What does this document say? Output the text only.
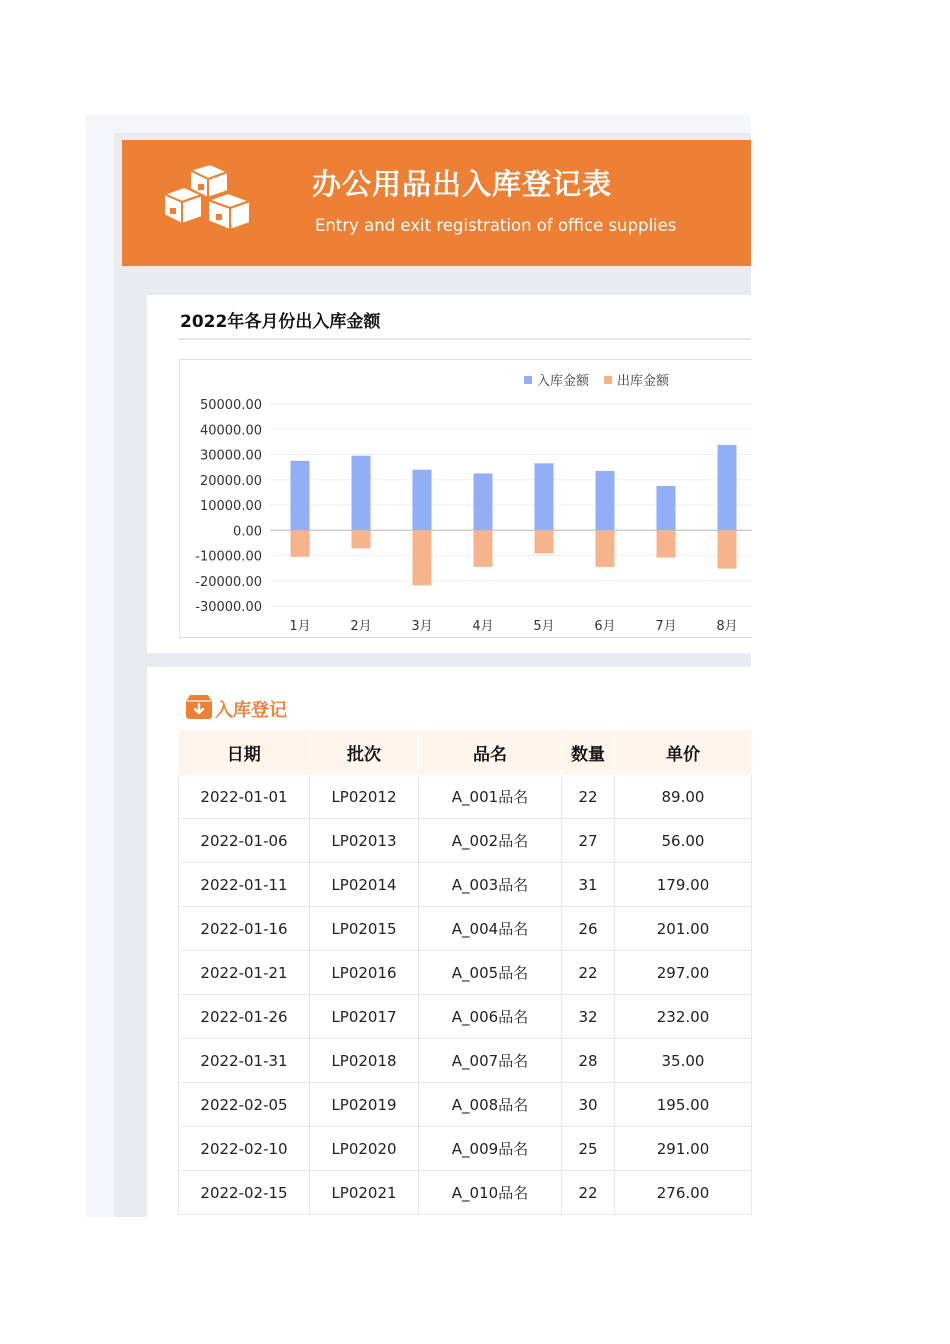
办公用品出入库登记表
Entry and exit registration of office supplies
2022年各月份出入库金额
50000.00
40000.00
30000.00
20000.00
10000.00
0.00
-10000.00
-20000.00
-30000.00
1月	2月	3月	4月	5月	6月	7月	8月
入库金额 出库金额
入库登记
日期	批次	品名	数量	单价
2022-01-01	LP02012	A_001品名	22	89.00
2022-01-06	LP02013	A_002品名	27	56.00
2022-01-11	LP02014	A_003品名	31	179.00
2022-01-16	LP02015	A_004品名	26	201.00
2022-01-21	LP02016	A_005品名	22	297.00
2022-01-26	LP02017	A_006品名	32	232.00
2022-01-31	LP02018	A_007品名	28	35.00
2022-02-05	LP02019	A_008品名	30	195.00
2022-02-10	LP02020	A_009品名	25	291.00
2022-02-15	LP02021	A_010品名	22	276.00
